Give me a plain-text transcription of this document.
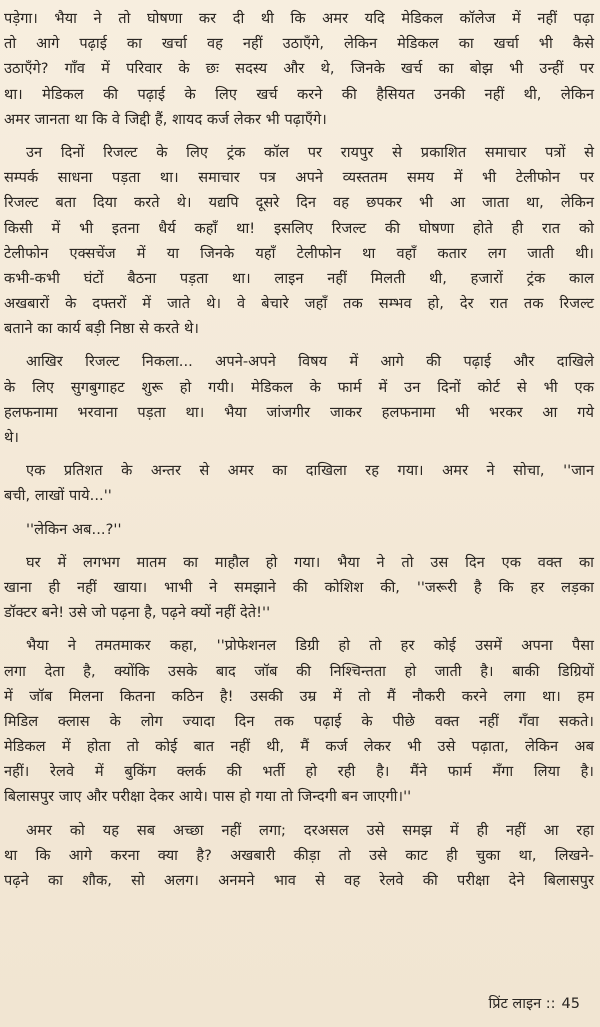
पड़ेगा। भैया ने तो घोषणा कर दी थी कि अमर यदि मेडिकल कॉलेज में नहीं पढ़ा
तो आगे पढ़ाई का खर्चा वह नहीं उठाएँगे, लेकिन मेडिकल का खर्चा भी कैसे
उठाएँगे? गाँव में परिवार के छः सदस्य और थे, जिनके खर्च का बोझ भी उन्हीं पर
था। मेडिकल की पढ़ाई के लिए खर्च करने की हैसियत उनकी नहीं थी, लेकिन
अमर जानता था कि वे जिद्दी हैं, शायद कर्ज लेकर भी पढ़ाएँगे।
उन दिनों रिजल्ट के लिए ट्रंक कॉल पर रायपुर से प्रकाशित समाचार पत्रों से
सम्पर्क साधना पड़ता था। समाचार पत्र अपने व्यस्ततम समय में भी टेलीफोन पर
रिजल्ट बता दिया करते थे। यद्यपि दूसरे दिन वह छपकर भी आ जाता था, लेकिन
किसी में भी इतना धैर्य कहाँ था! इसलिए रिजल्ट की घोषणा होते ही रात को
टेलीफोन एक्सचेंज में या जिनके यहाँ टेलीफोन था वहाँ कतार लग जाती थी।
कभी-कभी घंटों बैठना पड़ता था। लाइन नहीं मिलती थी, हजारों ट्रंक काल
अखबारों के दफ्तरों में जाते थे। वे बेचारे जहाँ तक सम्भव हो, देर रात तक रिजल्ट
बताने का कार्य बड़ी निष्ठा से करते थे।
आखिर रिजल्ट निकला... अपने-अपने विषय में आगे की पढ़ाई और दाखिले
के लिए सुगबुगाहट शुरू हो गयी। मेडिकल के फार्म में उन दिनों कोर्ट से भी एक
हलफनामा भरवाना पड़ता था। भैया जांजगीर जाकर हलफनामा भी भरकर आ गये
थे।
एक प्रतिशत के अन्तर से अमर का दाखिला रह गया। अमर ने सोचा, ''जान
बची, लाखों पाये...''
''लेकिन अब...?''
घर में लगभग मातम का माहौल हो गया। भैया ने तो उस दिन एक वक्त का
खाना ही नहीं खाया। भाभी ने समझाने की कोशिश की, ''जरूरी है कि हर लड़का
डॉक्टर बने! उसे जो पढ़ना है, पढ़ने क्यों नहीं देते!''
भैया ने तमतमाकर कहा, ''प्रोफेशनल डिग्री हो तो हर कोई उसमें अपना पैसा
लगा देता है, क्योंकि उसके बाद जॉब की निश्चिन्तता हो जाती है। बाकी डिग्रियों
में जॉब मिलना कितना कठिन है! उसकी उम्र में तो मैं नौकरी करने लगा था। हम
मिडिल क्लास के लोग ज्यादा दिन तक पढ़ाई के पीछे वक्त नहीं गँवा सकते।
मेडिकल में होता तो कोई बात नहीं थी, मैं कर्ज लेकर भी उसे पढ़ाता, लेकिन अब
नहीं। रेलवे में बुकिंग क्लर्क की भर्ती हो रही है। मैंने फार्म मँगा लिया है।
बिलासपुर जाए और परीक्षा देकर आये। पास हो गया तो जिन्दगी बन जाएगी।''
अमर को यह सब अच्छा नहीं लगा; दरअसल उसे समझ में ही नहीं आ रहा
था कि आगे करना क्या है? अखबारी कीड़ा तो उसे काट ही चुका था, लिखने-
पढ़ने का शौक, सो अलग। अनमने भाव से वह रेलवे की परीक्षा देने बिलासपुर
प्रिंट लाइन :: 45
